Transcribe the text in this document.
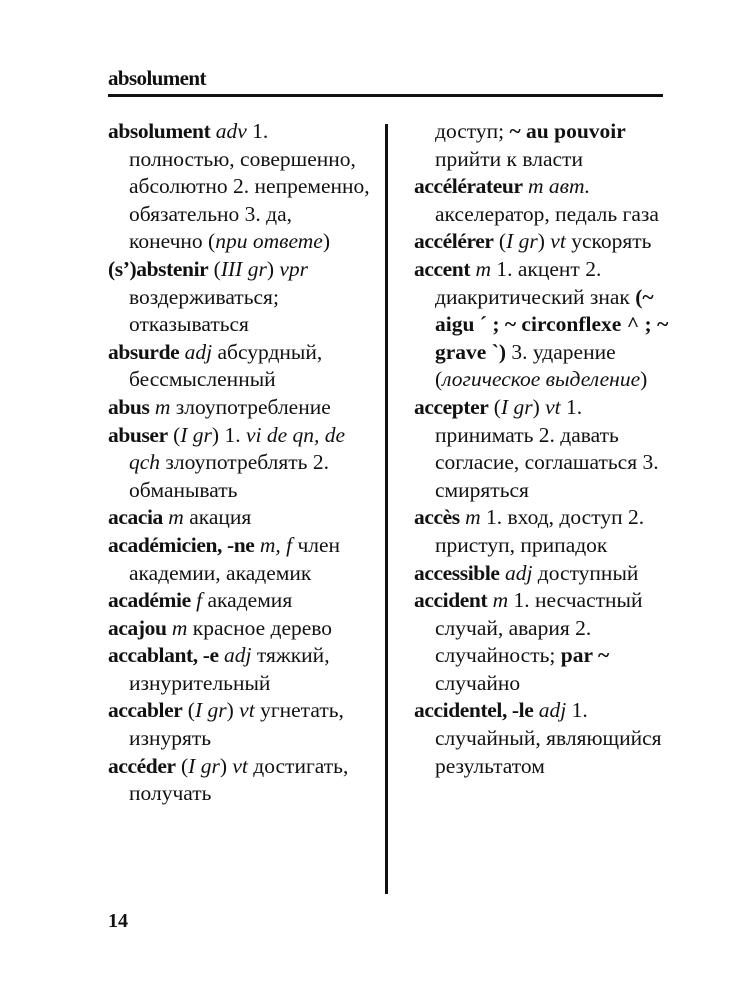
absolument

absolument adv 1. полностью, совершенно, абсолютно 2. непременно, обязательно 3. да, конечно (при ответе)

(s’)abstenir (III gr) vpr воздерживаться; отказываться

absurde adj абсурдный, бессмысленный

abus m злоупотребление

abuser (I gr) 1. vi de qn, de qch злоупотреблять 2. обманывать

acacia m акация

académicien, -ne m, f член академии, академик

académie f академия

acajou m красное дерево

accablant, -e adj тяжкий, изнурительный

accabler (I gr) vt угнетать, изнурять

accéder (I gr) vt достигать, получать

доступ; ~ au pouvoir прийти к власти

accélérateur m авт. акселератор, педаль газа

accélérer (I gr) vt ускорять

accent m 1. акцент 2. диакритический знак (~ aigu ´ ; ~ circonflexe ^ ; ~ grave `) 3. ударение (логическое выделение)

accepter (I gr) vt 1. принимать 2. давать согласие, соглашаться 3. смиряться

accès m 1. вход, доступ 2. приступ, припадок

accessible adj доступный

accident m 1. несчастный случай, авария 2. случайность; par ~ случайно

accidentel, -le adj 1. случайный, являющийся результатом

14
